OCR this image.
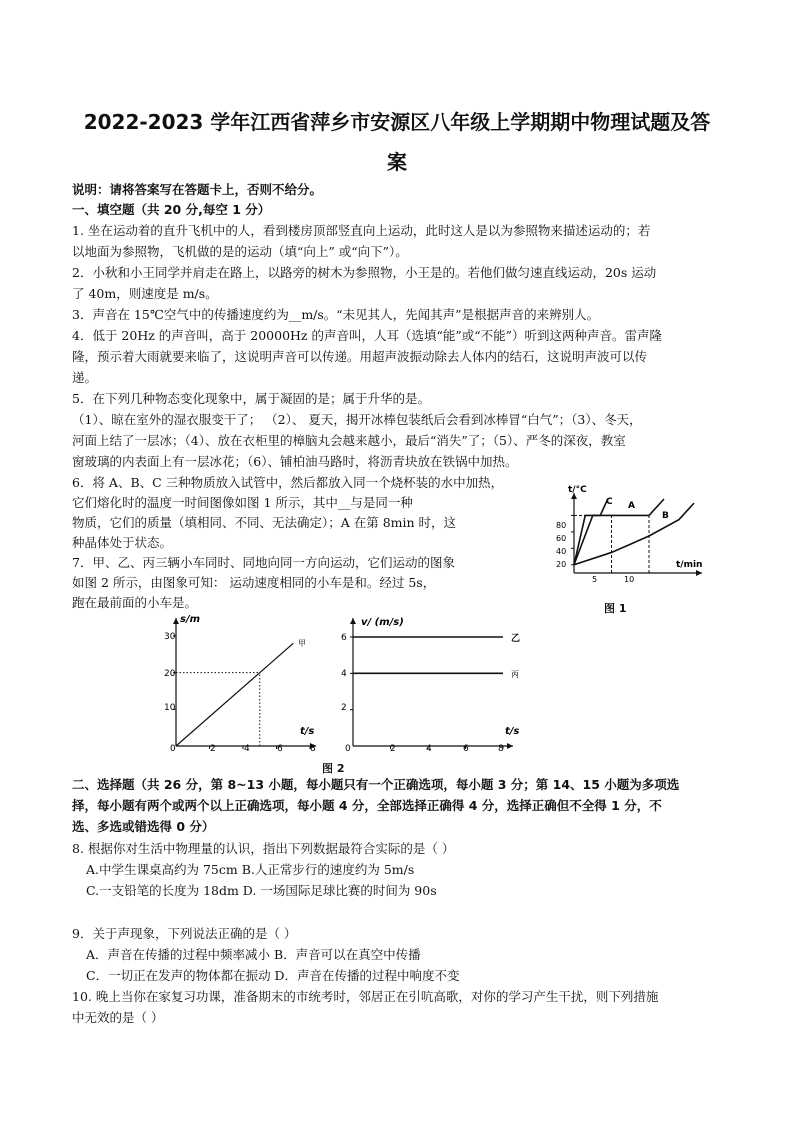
2022-2023 学年江西省萍乡市安源区八年级上学期期中物理试题及答
案
说明：请将答案写在答题卡上，否则不给分。
一、填空题（共 20 分,每空 1 分）
1. 坐在运动着的直升飞机中的人，看到楼房顶部竖直向上运动，此时这人是以为参照物来描述运动的；若
以地面为参照物，飞机做的是的运动（填“向上” 或“向下”）。
2．小秋和小王同学并肩走在路上，以路旁的树木为参照物，小王是的。若他们做匀速直线运动，20s 运动
了 40m，则速度是 m/s。
3．声音在 15℃空气中的传播速度约为__m/s。“未见其人，先闻其声”是根据声音的来辨别人。
4．低于 20Hz 的声音叫，高于 20000Hz 的声音叫，人耳（选填“能”或“不能”）听到这两种声音。雷声隆
隆，预示着大雨就要来临了，这说明声音可以传递。用超声波振动除去人体内的结石，这说明声波可以传
递。
5．在下列几种物态变化现象中，属于凝固的是；属于升华的是。
（1）、晾在室外的湿衣服变干了； （2）、 夏天，揭开冰棒包装纸后会看到冰棒冒“白气”；（3）、冬天，
河面上结了一层冰；（4）、放在衣柜里的樟脑丸会越来越小，最后“消失”了；（5）、严冬的深夜，教室
窗玻璃的内表面上有一层冰花；（6）、铺柏油马路时，将沥青块放在铁锅中加热。
6．将 A、B、C 三种物质放入试管中，然后都放入同一个烧杯装的水中加热，
它们熔化时的温度一时间图像如图 1 所示，其中__与是同一种
物质，它们的质量（填相同、不同、无法确定）；A 在第 8min 时，这
种晶体处于状态。
7．甲、乙、丙三辆小车同时、同地向同一方向运动，它们运动的图象
如图 2 所示，由图象可知： 运动速度相同的小车是和。经过 5s，
跑在最前面的小车是。
t/°C
t/min
80
60
40
20
5	10
C A
B
图 1
s/m
t/s
30
20
10
0	2	4	6	8
甲
v/ (m/s)
t/s
6
4
2
0	2	4	6	8
乙
丙
图 2
二、选择题（共 26 分，第 8~13 小题，每小题只有一个正确选项，每小题 3 分；第 14、15 小题为多项选
择，每小题有两个或两个以上正确选项，每小题 4 分，全部选择正确得 4 分，选择正确但不全得 1 分，不
选、多选或错选得 0 分）
8. 根据你对生活中物理量的认识，指出下列数据最符合实际的是（ ）
A.中学生课桌高约为 75cm B.人正常步行的速度约为 5m/s
C.一支铅笔的长度为 18dm D. 一场国际足球比赛的时间为 90s
9．关于声现象，下列说法正确的是（ ）
A．声音在传播的过程中频率减小 B．声音可以在真空中传播
C．一切正在发声的物体都在振动 D．声音在传播的过程中响度不变
10. 晚上当你在家复习功课，准备期末的市统考时，邻居正在引吭高歌，对你的学习产生干扰，则下列措施
中无效的是（ ）
